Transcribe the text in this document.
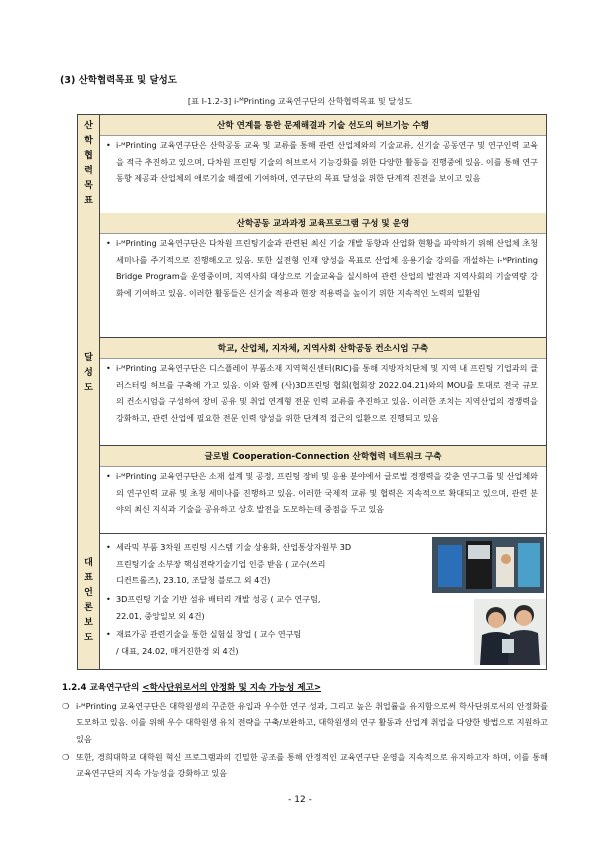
(3) 산학협력목표 및 달성도
[표 Ⅰ-1.2-3] i-ᴹPrinting 교육연구단의 산학협력목표 및 달성도
산학협력목표
산학 연계를 통한 문제해결과 기술 선도의 허브기능 수행
• i-ᴹPrinting 교육연구단은 산학공동 교육 및 교류를 통해 관련 산업체와의 기술교류, 신기술 공동연구 및 연구인력 교육을 적극 추진하고 있으며, 다차원 프린팅 기술의 허브로서 기능강화를 위한 다양한 활동을 진행중에 있음. 이를 통해 연구 동향 제공과 산업체의 애로기술 해결에 기여하며, 연구단의 목표 달성을 위한 단계적 진전을 보이고 있음
달성도
산학공동 교과과정 교육프로그램 구성 및 운영
• i-ᴹPrinting 교육연구단은 다차원 프린팅기술과 관련된 최신 기술 개발 동향과 산업화 현황을 파악하기 위해 산업체 초청 세미나를 주기적으로 진행해오고 있음. 또한 실전형 인재 양성을 목표로 산업체 응용기술 강의를 개설하는 i-ᴹPrinting Bridge Program을 운영중이며, 지역사회 대상으로 기술교육을 실시하여 관련 산업의 발전과 지역사회의 기술역량 강화에 기여하고 있음. 이러한 활동들은 신기술 적용과 현장 적용력을 높이기 위한 지속적인 노력의 일환임
학교, 산업체, 지자체, 지역사회 산학공동 컨소시엄 구축
• i-ᴹPrinting 교육연구단은 디스플레이 부품소재 지역혁신센터(RIC)를 통해 지방자치단체 및 지역 내 프린팅 기업과의 클러스터링 허브를 구축해 가고 있음. 이와 함께 (사)3D프린팅 협회(협회장 2022.04.21)와의 MOU를 토대로 전국 규모의 컨소시엄을 구성하여 장비 공유 및 취업 연계형 전문 인력 교류를 추진하고 있음. 이러한 조치는 지역산업의 경쟁력을 강화하고, 관련 산업에 필요한 전문 인력 양성을 위한 단계적 접근의 일환으로 진행되고 있음
글로벌 Cooperation-Connection 산학협력 네트워크 구축
• i-ᴹPrinting 교육연구단은 소재 설계 및 공정, 프린팅 장비 및 응용 분야에서 글로벌 경쟁력을 갖춘 연구그룹 및 산업체와의 연구인력 교류 및 초청 세미나를 진행하고 있음. 이러한 국제적 교류 및 협력은 지속적으로 확대되고 있으며, 관련 분야의 최신 지식과 기술을 공유하고 상호 발전을 도모하는데 중점을 두고 있음
대표언론보도
• 세라믹 부품 3차원 프린팅 시스템 기술 상용화, 산업통상자원부 3D
프린팅기술 소부장 핵심전략기술기업 인증 받음 ( 교수(쓰리
디컨트롤즈), 23.10, 조달청 블로그 외 4건)
• 3D프린팅 기술 기반 섬유 배터리 개발 성공 ( 교수 연구팀,
22.01, 중앙일보 외 4건)
• 재료가공 관련기술을 통한 실험실 창업 ( 교수 연구팀
/ 대표, 24.02, 매거진한경 외 4건)
1.2.4 교육연구단의 <학사단위로서의 안정화 및 지속 가능성 제고>
❍ i-ᴹPrinting 교육연구단은 대학원생의 꾸준한 유입과 우수한 연구 성과, 그리고 높은 취업률을 유지함으로써 학사단위로서의 안정화를 도모하고 있음. 이를 위해 우수 대학원생 유치 전략을 구축/보완하고, 대학원생의 연구 활동과 산업계 취업을 다양한 방법으로 지원하고 있음
❍ 또한, 경희대학교 대학원 혁신 프로그램과의 긴밀한 공조를 통해 안정적인 교육연구단 운영을 지속적으로 유지하고자 하며, 이를 통해 교육연구단의 지속 가능성을 강화하고 있음
- 12 -
